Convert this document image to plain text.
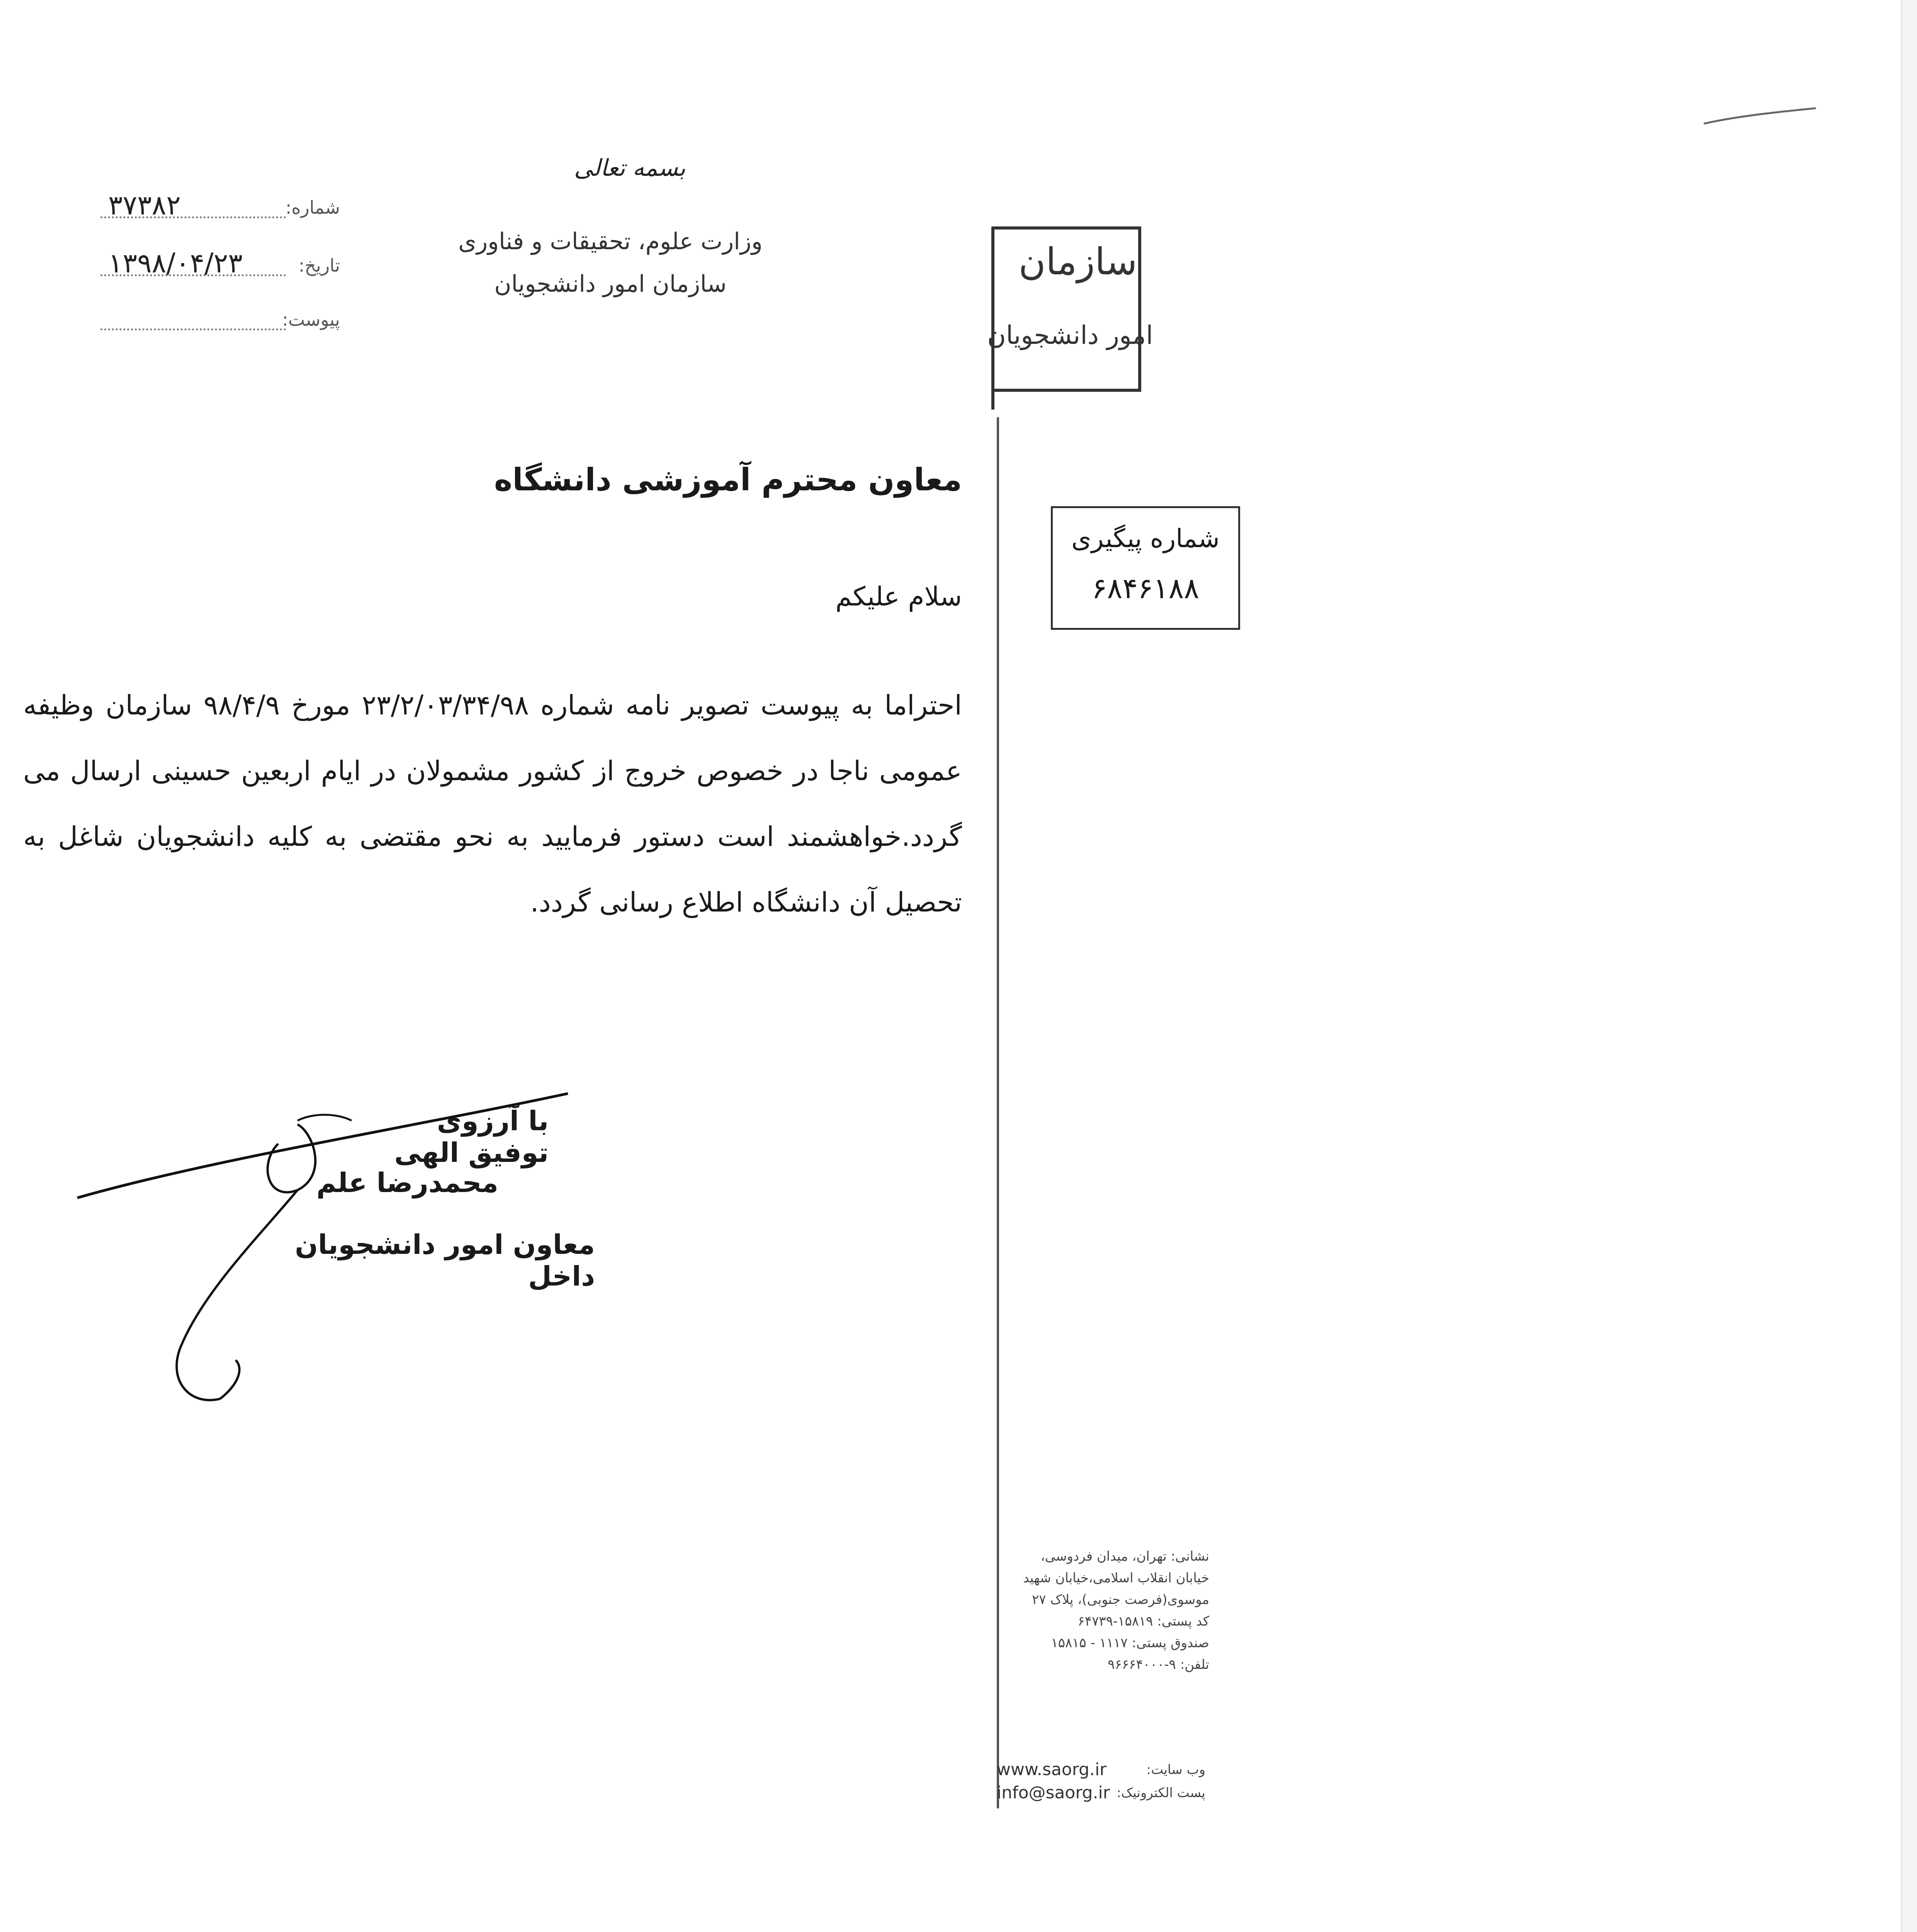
بسمه تعالی
وزارت علوم، تحقیقات و فناوری
سازمان امور دانشجویان
شماره:
۳۷۳۸۲
تاریخ:
۱۳۹۸/۰۴/۲۳
پیوست:
سازمان
امور دانشجویان
شماره پیگیری
۶۸۴۶۱۸۸
معاون محترم آموزشی دانشگاه
سلام علیکم
احتراما به پیوست تصویر نامه شماره ۲۳/۲/۰۳/۳۴/۹۸ مورخ ۹۸/۴/۹ سازمان وظیفه عمومی ناجا در خصوص خروج از کشور مشمولان در ایام اربعین حسینی ارسال می گردد.خواهشمند است دستور فرمایید به نحو مقتضی به کلیه دانشجویان شاغل به تحصیل آن دانشگاه اطلاع رسانی گردد.
با آرزوی توفیق الهی
محمدرضا علم
معاون امور دانشجویان داخل
نشانی: تهران، میدان فردوسی،
خیابان انقلاب اسلامی،خیابان شهید
موسوی(فرصت جنوبی)، پلاک ۲۷
کد پستی: ۱۵۸۱۹-۶۴۷۳۹
صندوق پستی: ۱۱۱۷ - ۱۵۸۱۵
تلفن: ۹-۹۶۶۶۴۰۰۰
www.saorg.ir	وب سایت:
info@saorg.ir پست الکترونیک:
